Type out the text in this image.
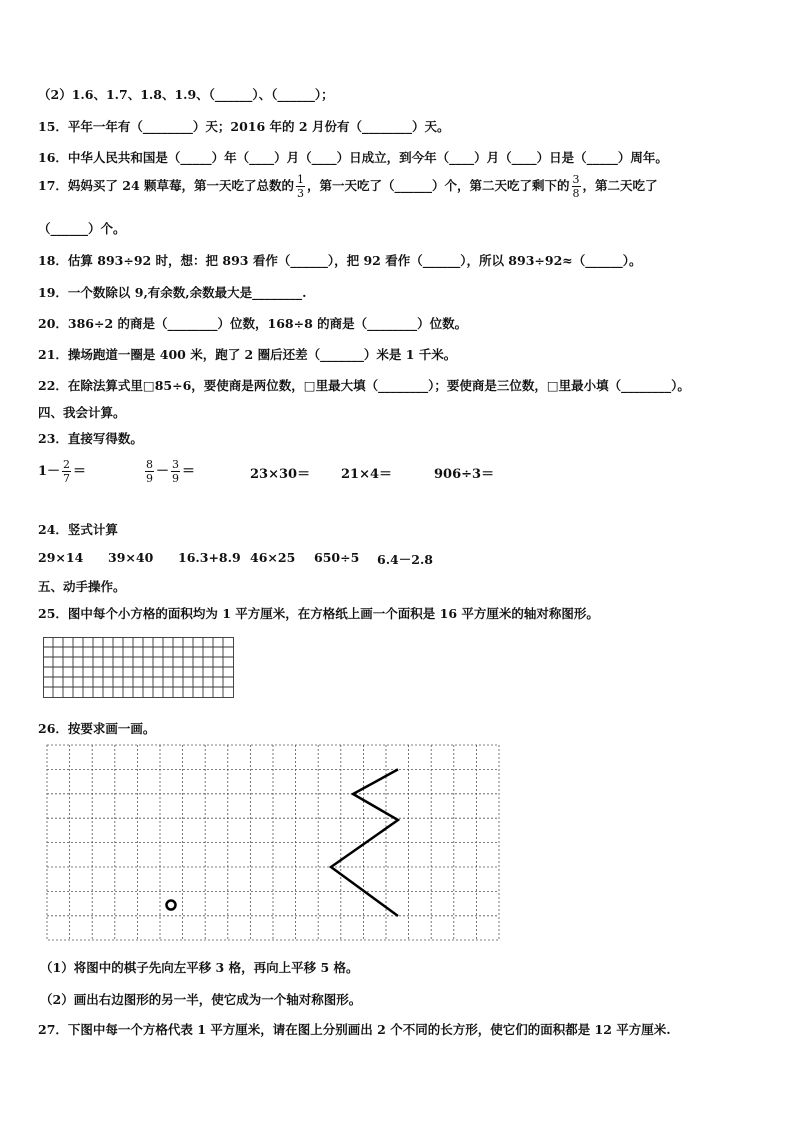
（2）1.6、1.7、1.8、1.9、（______）、（______）；
15．平年一年有（________）天；2016 年的 2 月份有（________）天。
16．中华人民共和国是（_____）年（____）月（____）日成立，到今年（____）月（____）日是（_____）周年。
17．妈妈买了 24 颗草莓，第一天吃了总数的 $\frac{1}{3}$ ，第一天吃了（______）个，第二天吃了剩下的 $\frac{3}{8}$ ，第二天吃了
（______）个。
18．估算 893÷92 时，想：把 893 看作（______），把 92 看作（______），所以 893÷92≈（______）。
19．一个数除以 9,有余数,余数最大是________.
20．386÷2 的商是（________）位数，168÷8 的商是（________）位数。
21．操场跑道一圈是 400 米，跑了 2 圈后还差（_______）米是 1 千米。
22．在除法算式里□85÷6，要使商是两位数，□里最大填（________）；要使商是三位数，□里最小填（________）。
四、我会计算。
23．直接写得数。
$1- \frac{2}{7}$ ＝	$\frac{8}{9} - \frac{3}{9}$ ＝	23×30＝ 21×4＝	906÷3＝
24．竖式计算
29×14 39×40 16.3+8.9 46×25 650÷5 6.4－2.8
五、动手操作。
25．图中每个小方格的面积均为 1 平方厘米，在方格纸上画一个面积是 16 平方厘米的轴对称图形。
26．按要求画一画。
（1）将图中的棋子先向左平移 3 格，再向上平移 5 格。
（2）画出右边图形的另一半，使它成为一个轴对称图形。
27．下图中每一个方格代表 1 平方厘米，请在图上分别画出 2 个不同的长方形，使它们的面积都是 12 平方厘米.
